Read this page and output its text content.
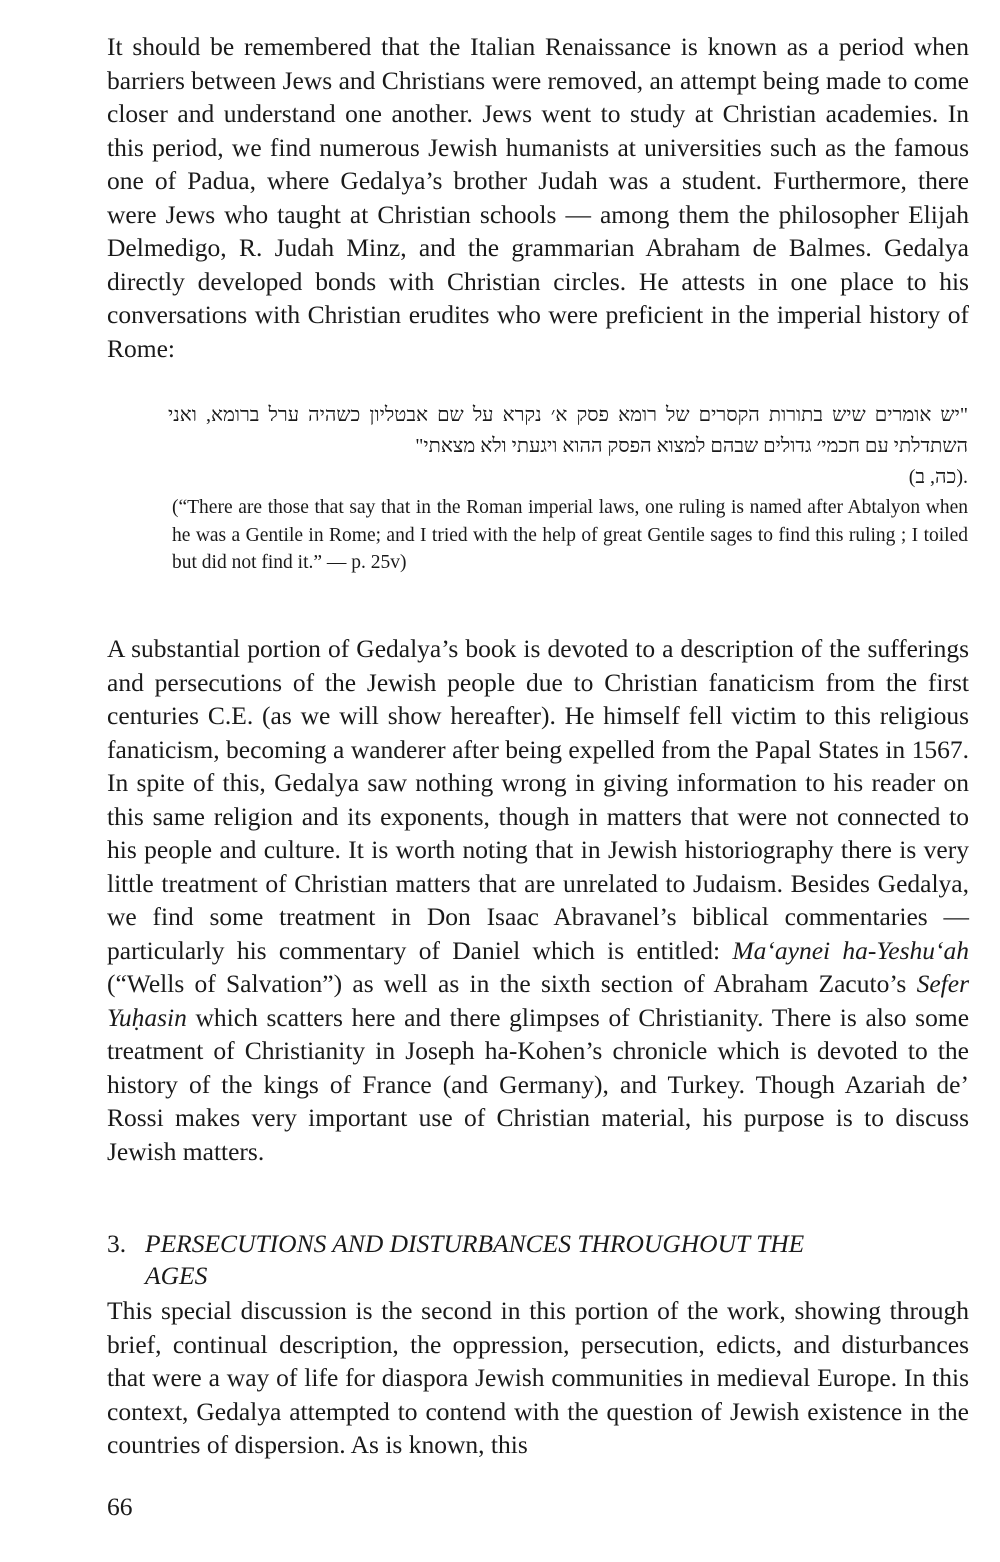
It should be remembered that the Italian Renaissance is known as a period when barriers between Jews and Christians were removed, an attempt being made to come closer and understand one another. Jews went to study at Christian academies. In this period, we find numerous Jewish humanists at universities such as the famous one of Padua, where Gedalya’s brother Judah was a student. Furthermore, there were Jews who taught at Christian schools — among them the philosopher Elijah Delmedigo, R. Judah Minz, and the grammarian Abraham de Balmes. Gedalya directly developed bonds with Christian circles. He attests in one place to his conversations with Christian erudites who were preficient in the imperial history of Rome:

"יש אומרים שיש בתורות הקסרים של רומא פסק א׳ נקרא על שם אבטליון כשהיה ערל ברומא, ואני השתדלתי עם חכמי׳ גדולים שבהם למצוא הפסק ההוא ויגעתי ולא מצאתי"
.(כה, ב)

(“There are those that say that in the Roman imperial laws, one ruling is named after Abtalyon when he was a Gentile in Rome; and I tried with the help of great Gentile sages to find this ruling ; I toiled but did not find it.” — p. 25v)

A substantial portion of Gedalya’s book is devoted to a description of the sufferings and persecutions of the Jewish people due to Christian fanaticism from the first centuries C.E. (as we will show hereafter). He himself fell victim to this religious fanaticism, becoming a wanderer after being expelled from the Papal States in 1567. In spite of this, Gedalya saw nothing wrong in giving information to his reader on this same religion and its exponents, though in matters that were not connected to his people and culture. It is worth noting that in Jewish historiography there is very little treatment of Christian matters that are unrelated to Judaism. Besides Gedalya, we find some treatment in Don Isaac Abravanel’s biblical commentaries — particularly his commentary of Daniel which is entitled: Ma‘aynei ha-Yeshu‘ah (“Wells of Salvation”) as well as in the sixth section of Abraham Zacuto’s Sefer Yuḥasin which scatters here and there glimpses of Christianity. There is also some treatment of Christianity in Joseph ha-Kohen’s chronicle which is devoted to the history of the kings of France (and Germany), and Turkey. Though Azariah de’ Rossi makes very important use of Christian material, his purpose is to discuss Jewish matters.

3. PERSECUTIONS AND DISTURBANCES THROUGHOUT THE
AGES

This special discussion is the second in this portion of the work, showing through brief, continual description, the oppression, persecution, edicts, and disturbances that were a way of life for diaspora Jewish communities in medieval Europe. In this context, Gedalya attempted to contend with the question of Jewish existence in the countries of dispersion. As is known, this

66
